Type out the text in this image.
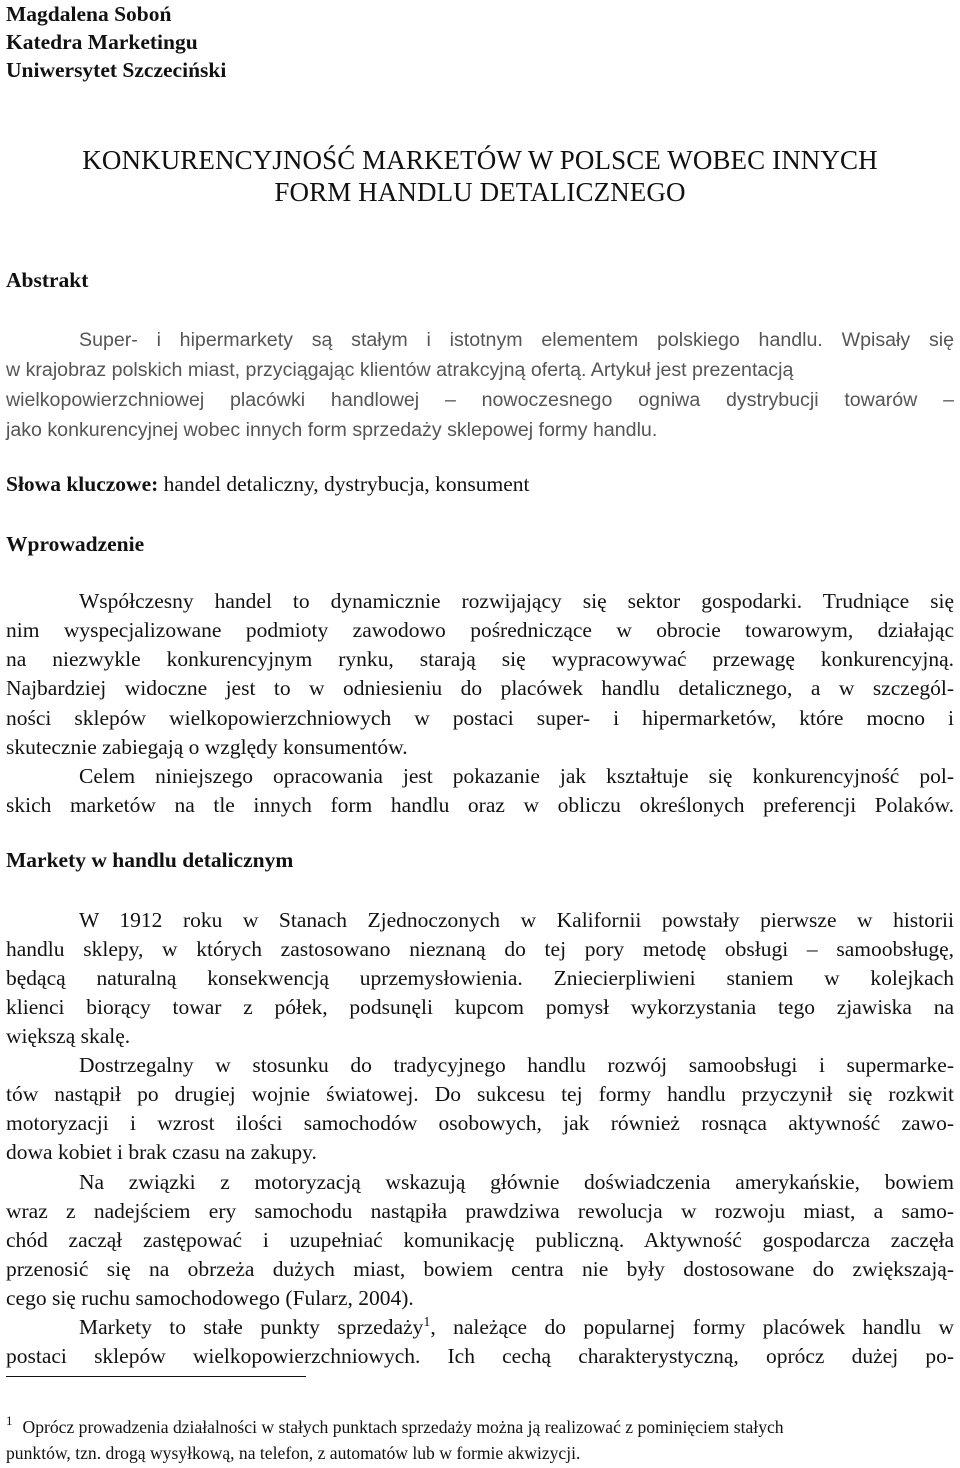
Magdalena Soboń
Katedra Marketingu
Uniwersytet Szczeciński
KONKURENCYJNOŚĆ MARKETÓW W POLSCE WOBEC INNYCH
FORM HANDLU DETALICZNEGO
Abstrakt
Super- i hipermarkety są stałym i istotnym elementem polskiego handlu. Wpisały się
w krajobraz polskich miast, przyciągając klientów atrakcyjną ofertą. Artykuł jest prezentacją
wielkopowierzchniowej placówki handlowej – nowoczesnego ogniwa dystrybucji towarów –
jako konkurencyjnej wobec innych form sprzedaży sklepowej formy handlu.
Słowa kluczowe: handel detaliczny, dystrybucja, konsument
Wprowadzenie
Współczesny handel to dynamicznie rozwijający się sektor gospodarki. Trudniące się
nim wyspecjalizowane podmioty zawodowo pośredniczące w obrocie towarowym, działając
na niezwykle konkurencyjnym rynku, starają się wypracowywać przewagę konkurencyjną.
Najbardziej widoczne jest to w odniesieniu do placówek handlu detalicznego, a w szczegól-
ności sklepów wielkopowierzchniowych w postaci super- i hipermarketów, które mocno i
skutecznie zabiegają o względy konsumentów.
Celem niniejszego opracowania jest pokazanie jak kształtuje się konkurencyjność pol-
skich marketów na tle innych form handlu oraz w obliczu określonych preferencji Polaków.
Markety w handlu detalicznym
W 1912 roku w Stanach Zjednoczonych w Kalifornii powstały pierwsze w historii
handlu sklepy, w których zastosowano nieznaną do tej pory metodę obsługi – samoobsługę,
będącą naturalną konsekwencją uprzemysłowienia. Zniecierpliwieni staniem w kolejkach
klienci biorący towar z półek, podsunęli kupcom pomysł wykorzystania tego zjawiska na
większą skalę.
Dostrzegalny w stosunku do tradycyjnego handlu rozwój samoobsługi i supermarke-
tów nastąpił po drugiej wojnie światowej. Do sukcesu tej formy handlu przyczynił się rozkwit
motoryzacji i wzrost ilości samochodów osobowych, jak również rosnąca aktywność zawo-
dowa kobiet i brak czasu na zakupy.
Na związki z motoryzacją wskazują głównie doświadczenia amerykańskie, bowiem
wraz z nadejściem ery samochodu nastąpiła prawdziwa rewolucja w rozwoju miast, a samo-
chód zaczął zastępować i uzupełniać komunikację publiczną. Aktywność gospodarcza zaczęła
przenosić się na obrzeża dużych miast, bowiem centra nie były dostosowane do zwiększają-
cego się ruchu samochodowego (Fularz, 2004).
Markety to stałe punkty sprzedaży$^1$, należące do popularnej formy placówek handlu w
postaci sklepów wielkopowierzchniowych. Ich cechą charakterystyczną, oprócz dużej po-
$^1$ Oprócz prowadzenia działalności w stałych punktach sprzedaży można ją realizować z pominięciem stałych
punktów, tzn. drogą wysyłkową, na telefon, z automatów lub w formie akwizycji.
